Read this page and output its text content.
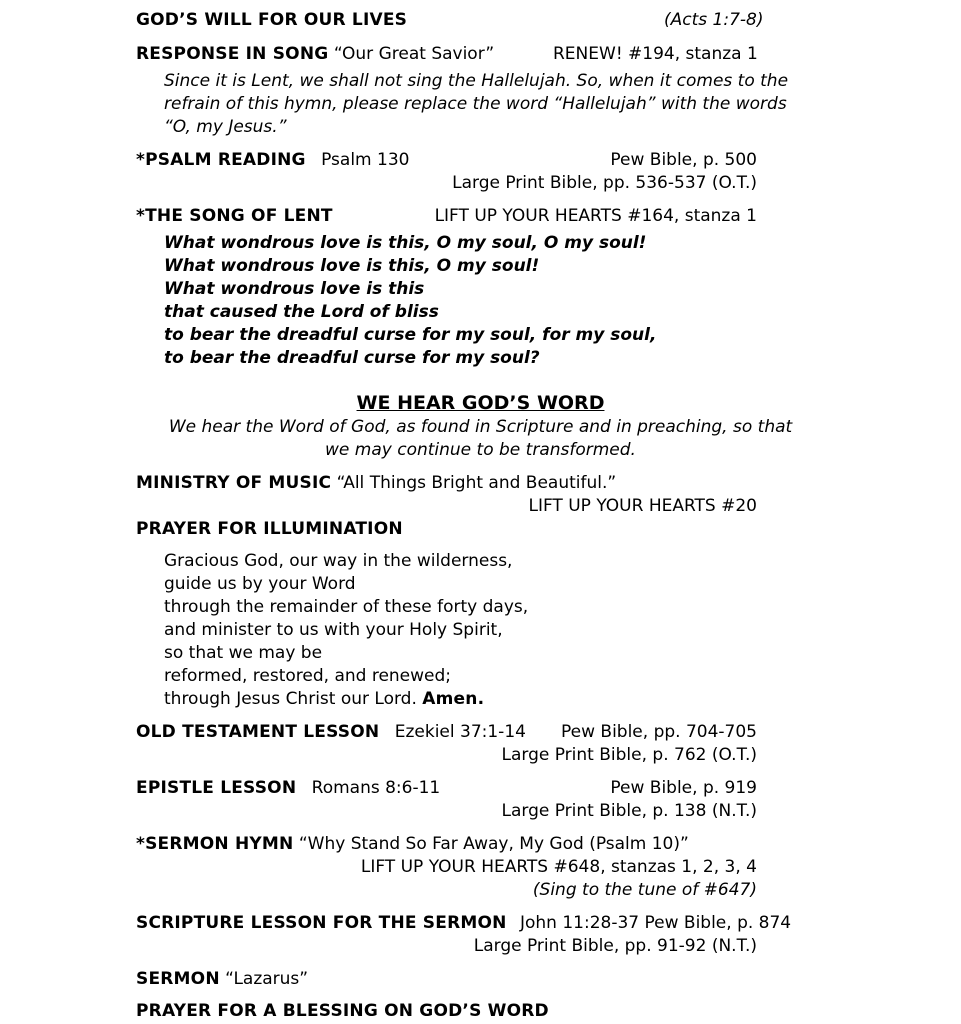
GOD’S WILL FOR OUR LIVES	(Acts 1:7-8)
RESPONSE IN SONG “Our Great Savior”	RENEW! #194, stanza 1
Since it is Lent, we shall not sing the Hallelujah. So, when it comes to the
refrain of this hymn, please replace the word “Hallelujah” with the words
“O, my Jesus.”
*PSALM READING Psalm 130	Pew Bible, p. 500
Large Print Bible, pp. 536-537 (O.T.)
*THE SONG OF LENT	LIFT UP YOUR HEARTS #164, stanza 1
What wondrous love is this, O my soul, O my soul!
What wondrous love is this, O my soul!
What wondrous love is this
that caused the Lord of bliss
to bear the dreadful curse for my soul, for my soul,
to bear the dreadful curse for my soul?
WE HEAR GOD’S WORD
We hear the Word of God, as found in Scripture and in preaching, so that
we may continue to be transformed.
MINISTRY OF MUSIC “All Things Bright and Beautiful.”
LIFT UP YOUR HEARTS #20
PRAYER FOR ILLUMINATION
Gracious God, our way in the wilderness,
guide us by your Word
through the remainder of these forty days,
and minister to us with your Holy Spirit,
so that we may be
reformed, restored, and renewed;
through Jesus Christ our Lord. Amen.
OLD TESTAMENT LESSON Ezekiel 37:1-14 Pew Bible, pp. 704-705
Large Print Bible, p. 762 (O.T.)
EPISTLE LESSON Romans 8:6-11	Pew Bible, p. 919
Large Print Bible, p. 138 (N.T.)
*SERMON HYMN “Why Stand So Far Away, My God (Psalm 10)”
LIFT UP YOUR HEARTS #648, stanzas 1, 2, 3, 4
(Sing to the tune of #647)
SCRIPTURE LESSON FOR THE SERMON John 11:28-37 Pew Bible, p. 874
Large Print Bible, pp. 91-92 (N.T.)
SERMON “Lazarus”
PRAYER FOR A BLESSING ON GOD’S WORD
